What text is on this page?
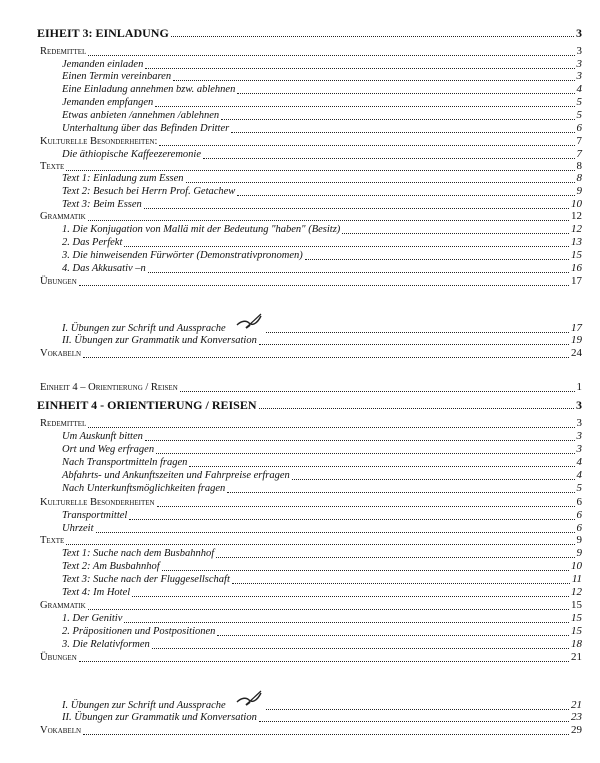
EIHEIT 3: EINLADUNG	3
Redemittel	3
Jemanden einladen	3
Einen Termin vereinbaren	3
Eine Einladung annehmen bzw. ablehnen	4
Jemanden empfangen	5
Etwas anbieten /annehmen /ablehnen	5
Unterhaltung über das Befinden Dritter	6
Kulturelle Besonderheiten:	7
Die äthiopische Kaffeezeremonie	7
Texte	8
Text 1: Einladung zum Essen	8
Text 2: Besuch bei Herrn Prof. Getachew	9
Text 3: Beim Essen	10
Grammatik	12
1. Die Konjugation von Mallä mit der Bedeutung "haben" (Besitz)	12
2. Das Perfekt	13
3. Die hinweisenden Fürwörter (Demonstrativpronomen)	15
4. Das Akkusativ –n	16
Übungen	17
I. Übungen zur Schrift und Aussprache	17
II. Übungen zur Grammatik und Konversation	19
Vokabeln	24
Einheit 4 – Orientierung / Reisen	1
EINHEIT 4 - ORIENTIERUNG / REISEN	3
Redemittel	3
Um Auskunft bitten	3
Ort und Weg erfragen	3
Nach Transportmitteln fragen	4
Abfahrts- und Ankunftszeiten und Fahrpreise erfragen	4
Nach Unterkunftsmöglichkeiten fragen	5
Kulturelle Besonderheiten	6
Transportmittel	6
Uhrzeit	6
Texte	9
Text 1: Suche nach dem Busbahnhof	9
Text 2: Am Busbahnhof	10
Text 3: Suche nach der Fluggesellschaft	11
Text 4: Im Hotel	12
Grammatik	15
1. Der Genitiv	15
2. Präpositionen und Postpositionen	15
3. Die Relativformen	18
Übungen	21
I. Übungen zur Schrift und Aussprache	21
II. Übungen zur Grammatik und Konversation	23
Vokabeln	29
